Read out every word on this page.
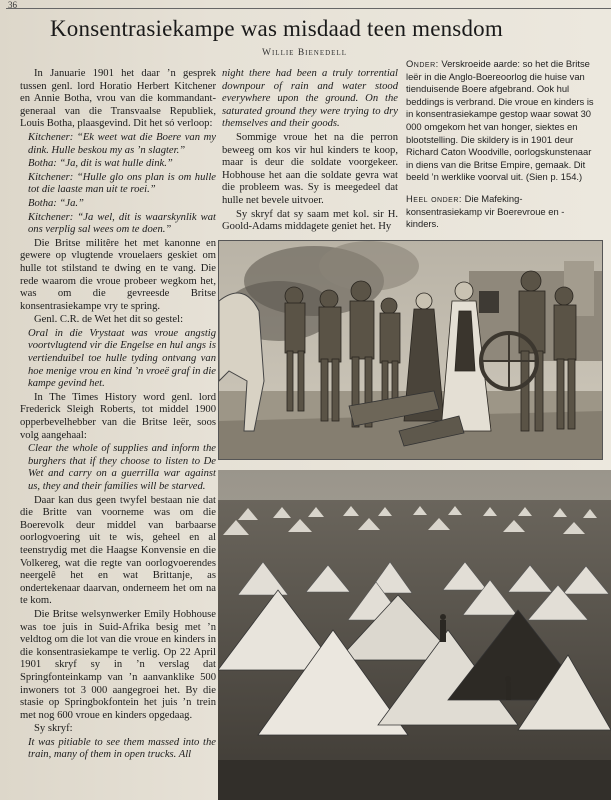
36
Konsentrasiekampe was misdaad teen mensdom
Willie Bienedell

In Januarie 1901 het daar ’n gesprek tussen genl. lord Horatio Herbert Kitchener en Annie Botha, vrou van die kommandant-generaal van die Transvaalse Republiek, Louis Botha, plaasgevind. Dit het só verloop:

Kitchener: “Ek weet wat die Boere van my dink. Hulle beskou my as ’n slagter.”

Botha: “Ja, dit is wat hulle dink.”

Kitchener: “Hulle glo ons plan is om hulle tot die laaste man uit te roei.”

Botha: “Ja.”

Kitchener: “Ja wel, dit is waarskynlik wat ons verplig sal wees om te doen.”

Die Britse militêre het met kanonne en gewere op vlugtende vrouelaers geskiet om hulle tot stilstand te dwing en te vang. Die rede waarom die vroue probeer wegkom het, was om die gevreesde Britse konsentrasiekampe vry te spring.

Genl. C.R. de Wet het dit so gestel:

Oral in die Vrystaat was vroue angstig voortvlugtend vir die Engelse en hul angs is vertienduibel toe hulle tyding ontvang van hoe menige vrou en kind ’n vroeë graf in die kampe gevind het.

In The Times History word genl. lord Frederick Sleigh Roberts, tot middel 1900 opperbevelhebber van die Britse leër, soos volg aangehaal:

Clear the whole of supplies and inform the burghers that if they choose to listen to De Wet and carry on a guerrilla war against us, they and their families will be starved.

Daar kan dus geen twyfel bestaan nie dat die Britte van voorneme was om die Boerevolk deur middel van barbaarse oorlogvoering uit te wis, geheel en al teenstrydig met die Haagse Konvensie en die Volkereg, wat die regte van oorlogvoerendes neergelê het en wat Brittanje, as ondertekenaar daarvan, onderneem het om na te kom.

Die Britse welsynwerker Emily Hobhouse was toe juis in Suid-Afrika besig met ’n veldtog om die lot van die vroue en kinders in die konsentrasiekampe te verlig. Op 22 April 1901 skryf sy in ’n verslag dat Springfonteinkamp van ’n aanvanklike 500 inwoners tot 3 000 aangegroei het. By die stasie op Springbokfontein het juis ’n trein met nog 600 vroue en kinders opgedaag.

Sy skryf:

It was pitiable to see them massed into the train, many of them in open trucks. All

night there had been a truly torrential downpour of rain and water stood everywhere upon the ground. On the saturated ground they were trying to dry themselves and their goods.

Sommige vroue het na die perron beweeg om kos vir hul kinders te koop, maar is deur die soldate voorgekeer. Hobhouse het aan die soldate gevra wat die probleem was. Sy is meegedeel dat hulle net bevele uitvoer.

Sy skryf dat sy saam met kol. sir H. Goold-Adams middagete geniet het. Hy

Onder: Verskroeide aarde: so het die Britse leër in die Anglo-Boereoorlog die huise van tienduisende Boere afgebrand. Ook hul beddings is verbrand. Die vroue en kinders is in konsentrasiekampe gestop waar sowat 30 000 omgekom het van honger, siektes en blootstelling. Die skildery is in 1901 deur Richard Caton Woodville, oorlogskunstenaar in diens van die Britse Empire, gemaak. Dit beeld ’n werklike voorval uit. (Sien p. 154.)
Heel onder: Die Mafeking-konsentrasiekamp vir Boerevroue en -kinders.
